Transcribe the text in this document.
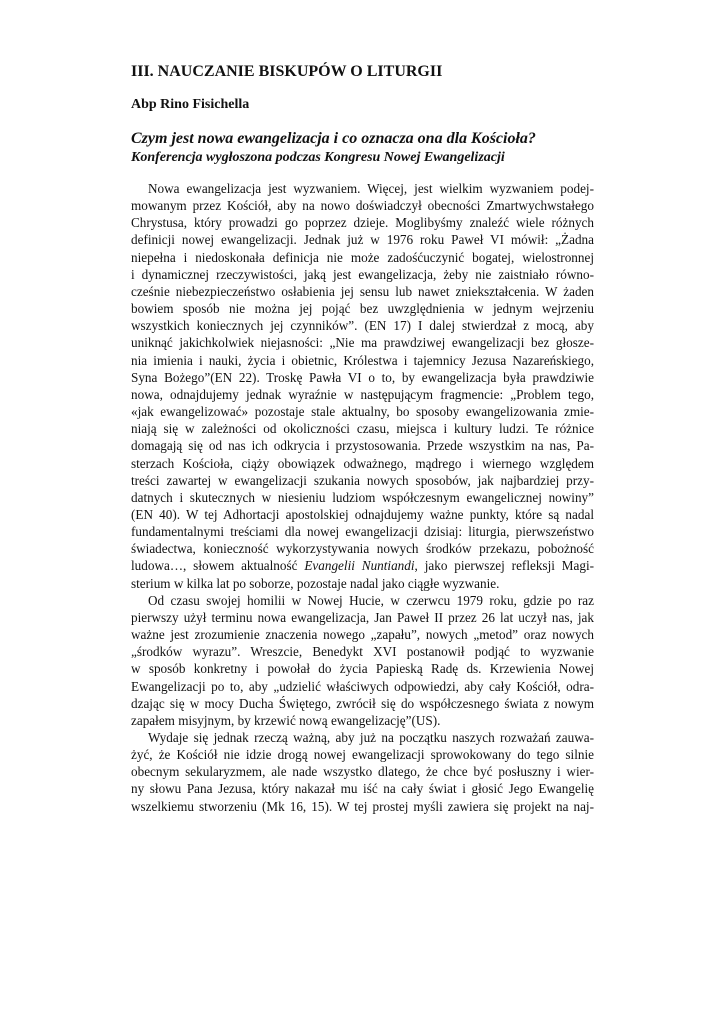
III. NAUCZANIE BISKUPÓW O LITURGII
Abp Rino Fisichella
Czym jest nowa ewangelizacja i co oznacza ona dla Kościoła?
Konferencja wygłoszona podczas Kongresu Nowej Ewangelizacji

Nowa ewangelizacja jest wyzwaniem. Więcej, jest wielkim wyzwaniem podej-
mowanym przez Kościół, aby na nowo doświadczył obecności Zmartwychwstałego
Chrystusa, który prowadzi go poprzez dzieje. Moglibyśmy znaleźć wiele różnych
definicji nowej ewangelizacji. Jednak już w 1976 roku Paweł VI mówił: „Żadna
niepełna i niedoskonała definicja nie może zadośćuczynić bogatej, wielostronnej
i dynamicznej rzeczywistości, jaką jest ewangelizacja, żeby nie zaistniało równo-
cześnie niebezpieczeństwo osłabienia jej sensu lub nawet zniekształcenia. W żaden
bowiem sposób nie można jej pojąć bez uwzględnienia w jednym wejrzeniu
wszystkich koniecznych jej czynników”. (EN 17) I dalej stwierdzał z mocą, aby
uniknąć jakichkolwiek niejasności: „Nie ma prawdziwej ewangelizacji bez głosze-
nia imienia i nauki, życia i obietnic, Królestwa i tajemnicy Jezusa Nazareńskiego,
Syna Bożego”(EN 22). Troskę Pawła VI o to, by ewangelizacja była prawdziwie
nowa, odnajdujemy jednak wyraźnie w następującym fragmencie: „Problem tego,
«jak ewangelizować» pozostaje stale aktualny, bo sposoby ewangelizowania zmie-
niają się w zależności od okoliczności czasu, miejsca i kultury ludzi. Te różnice
domagają się od nas ich odkrycia i przystosowania. Przede wszystkim na nas, Pa-
sterzach Kościoła, ciąży obowiązek odważnego, mądrego i wiernego względem
treści zawartej w ewangelizacji szukania nowych sposobów, jak najbardziej przy-
datnych i skutecznych w niesieniu ludziom współczesnym ewangelicznej nowiny”
(EN 40). W tej Adhortacji apostolskiej odnajdujemy ważne punkty, które są nadal
fundamentalnymi treściami dla nowej ewangelizacji dzisiaj: liturgia, pierwszeństwo
świadectwa, konieczność wykorzystywania nowych środków przekazu, pobożność
ludowa…, słowem aktualność Evangelii Nuntiandi, jako pierwszej refleksji Magi-
sterium w kilka lat po soborze, pozostaje nadal jako ciągłe wyzwanie.

Od czasu swojej homilii w Nowej Hucie, w czerwcu 1979 roku, gdzie po raz
pierwszy użył terminu nowa ewangelizacja, Jan Paweł II przez 26 lat uczył nas, jak
ważne jest zrozumienie znaczenia nowego „zapału”, nowych „metod” oraz nowych
„środków wyrazu”. Wreszcie, Benedykt XVI postanowił podjąć to wyzwanie
w sposób konkretny i powołał do życia Papieską Radę ds. Krzewienia Nowej
Ewangelizacji po to, aby „udzielić właściwych odpowiedzi, aby cały Kościół, odra-
dzając się w mocy Ducha Świętego, zwrócił się do współczesnego świata z nowym
zapałem misyjnym, by krzewić nową ewangelizację”(US).

Wydaje się jednak rzeczą ważną, aby już na początku naszych rozważań zauwa-
żyć, że Kościół nie idzie drogą nowej ewangelizacji sprowokowany do tego silnie
obecnym sekularyzmem, ale nade wszystko dlatego, że chce być posłuszny i wier-
ny słowu Pana Jezusa, który nakazał mu iść na cały świat i głosić Jego Ewangelię
wszelkiemu stworzeniu (Mk 16, 15). W tej prostej myśli zawiera się projekt na naj-
